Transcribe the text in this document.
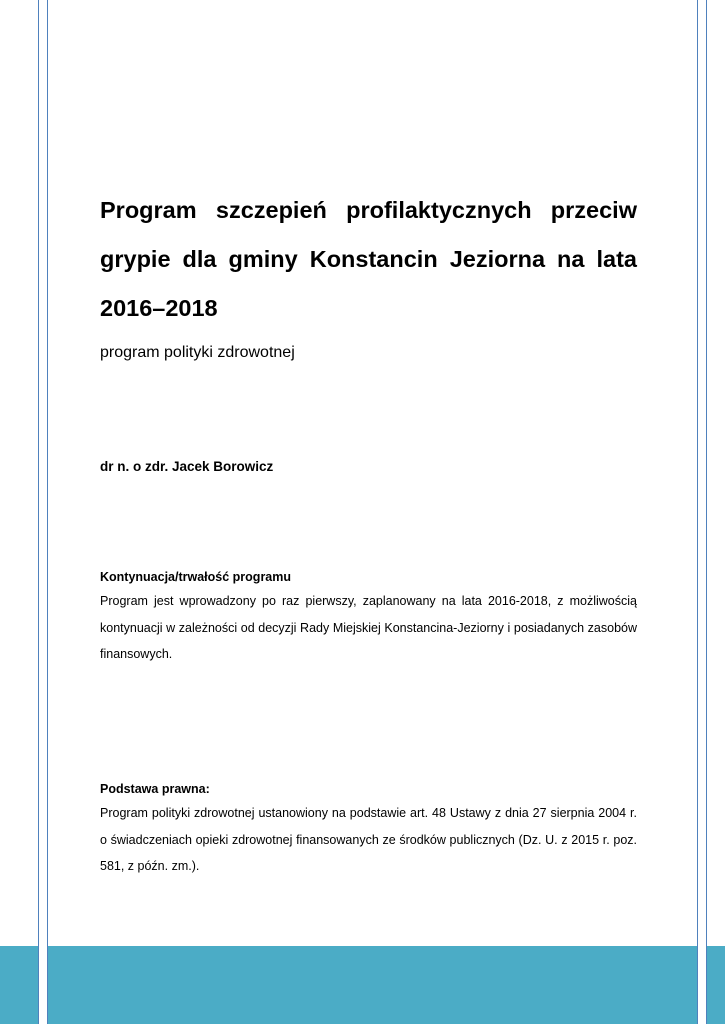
Program szczepień profilaktycznych przeciw grypie dla gminy Konstancin Jeziorna na lata 2016–2018

program polityki zdrowotnej

dr n. o zdr. Jacek Borowicz

Kontynuacja/trwałość programu

Program jest wprowadzony po raz pierwszy, zaplanowany na lata 2016-2018, z możliwością kontynuacji w zależności od decyzji Rady Miejskiej Konstancina-Jeziorny i posiadanych zasobów finansowych.

Podstawa prawna:

Program polityki zdrowotnej ustanowiony na podstawie art. 48 Ustawy z dnia 27 sierpnia 2004 r. o świadczeniach opieki zdrowotnej finansowanych ze środków publicznych (Dz. U. z 2015 r. poz. 581, z późn. zm.).
